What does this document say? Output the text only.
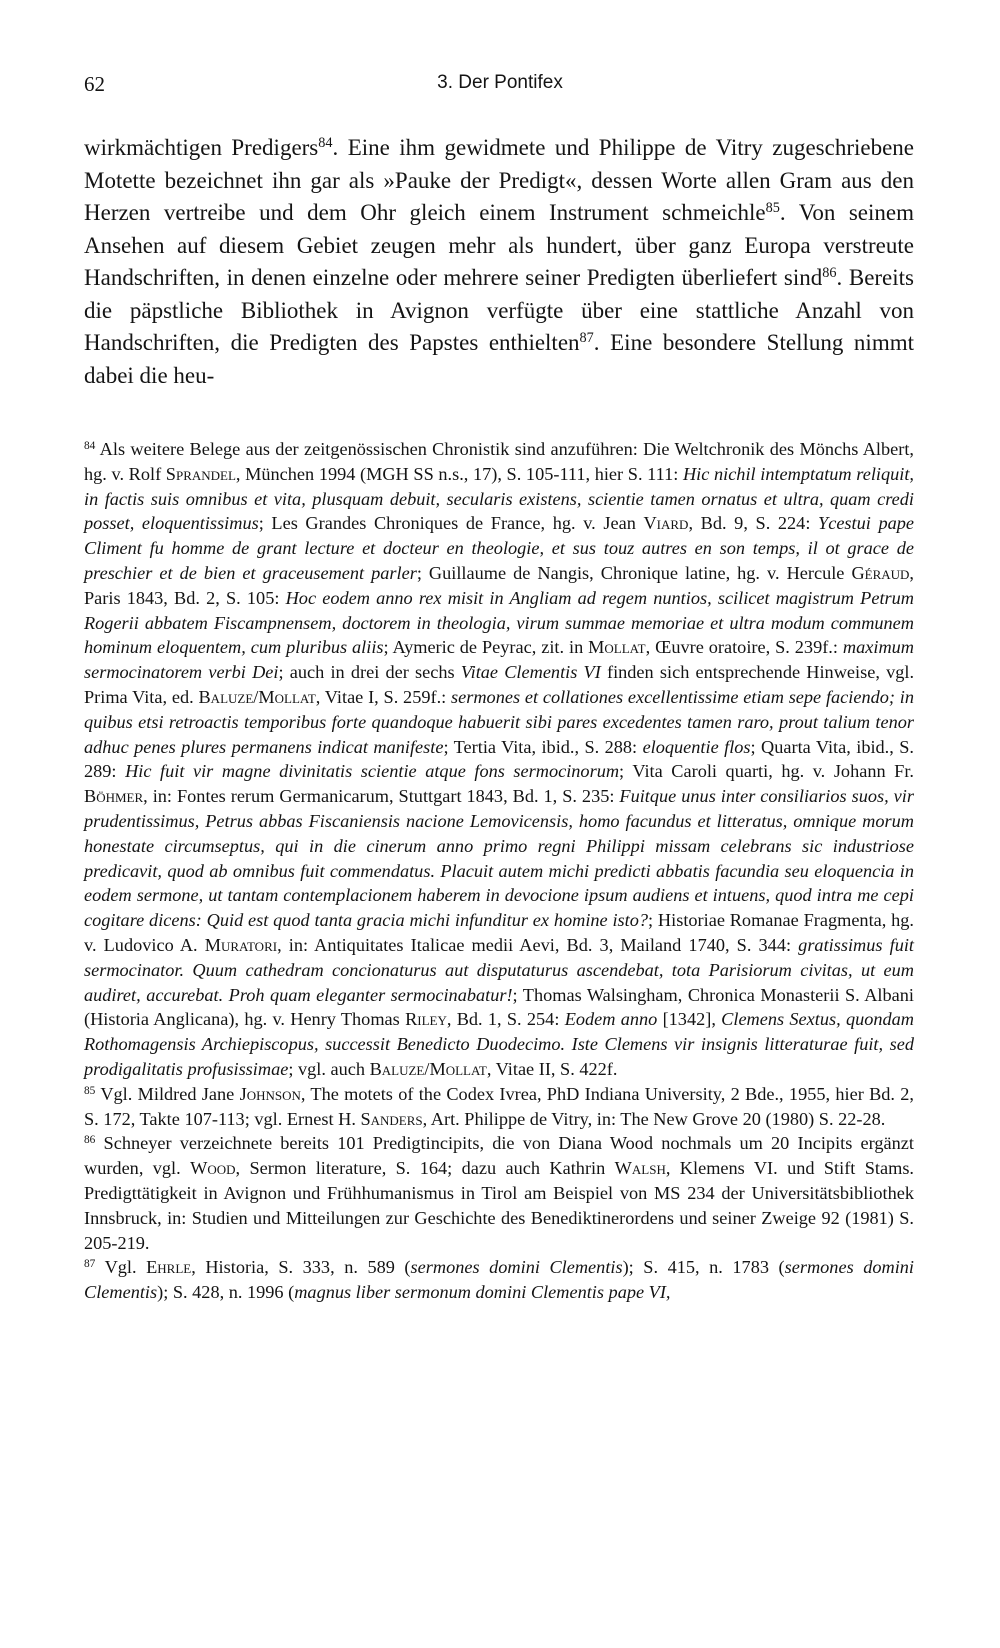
62	3. Der Pontifex

wirkmächtigen Predigers$^{84}$. Eine ihm gewidmete und Philippe de Vitry zugeschriebene Motette bezeichnet ihn gar als »Pauke der Predigt«, dessen Worte allen Gram aus den Herzen vertreibe und dem Ohr gleich einem Instrument schmeichle$^{85}$. Von seinem Ansehen auf diesem Gebiet zeugen mehr als hundert, über ganz Europa verstreute Handschriften, in denen einzelne oder mehrere seiner Predigten überliefert sind$^{86}$. Bereits die päpstliche Bibliothek in Avignon verfügte über eine stattliche Anzahl von Handschriften, die Predigten des Papstes enthielten$^{87}$. Eine besondere Stellung nimmt dabei die heu-

$^{84}$ Als weitere Belege aus der zeitgenössischen Chronistik sind anzuführen: Die Weltchronik des Mönchs Albert, hg. v. Rolf Sprandel, München 1994 (MGH SS n.s., 17), S. 105-111, hier S. 111: Hic nichil intemptatum reliquit, in factis suis omnibus et vita, plusquam debuit, secularis existens, scientie tamen ornatus et ultra, quam credi posset, eloquentissimus; Les Grandes Chroniques de France, hg. v. Jean Viard, Bd. 9, S. 224: Ycestui pape Climent fu homme de grant lecture et docteur en theologie, et sus touz autres en son temps, il ot grace de preschier et de bien et graceusement parler; Guillaume de Nangis, Chronique latine, hg. v. Hercule Géraud, Paris 1843, Bd. 2, S. 105: Hoc eodem anno rex misit in Angliam ad regem nuntios, scilicet magistrum Petrum Rogerii abbatem Fiscampnensem, doctorem in theologia, virum summae memoriae et ultra modum communem hominum eloquentem, cum pluribus aliis; Aymeric de Peyrac, zit. in Mollat, Œuvre oratoire, S. 239f.: maximum sermocinatorem verbi Dei; auch in drei der sechs Vitae Clementis VI finden sich entsprechende Hinweise, vgl. Prima Vita, ed. Baluze/Mollat, Vitae I, S. 259f.: sermones et collationes excellentissime etiam sepe faciendo; in quibus etsi retroactis temporibus forte quandoque habuerit sibi pares excedentes tamen raro, prout talium tenor adhuc penes plures permanens indicat manifeste; Tertia Vita, ibid., S. 288: eloquentie flos; Quarta Vita, ibid., S. 289: Hic fuit vir magne divinitatis scientie atque fons sermocinorum; Vita Caroli quarti, hg. v. Johann Fr. Böhmer, in: Fontes rerum Germanicarum, Stuttgart 1843, Bd. 1, S. 235: Fuitque unus inter consiliarios suos, vir prudentissimus, Petrus abbas Fiscaniensis nacione Lemovicensis, homo facundus et litteratus, omnique morum honestate circumseptus, qui in die cinerum anno primo regni Philippi missam celebrans sic industriose predicavit, quod ab omnibus fuit commendatus. Placuit autem michi predicti abbatis facundia seu eloquencia in eodem sermone, ut tantam contemplacionem haberem in devocione ipsum audiens et intuens, quod intra me cepi cogitare dicens: Quid est quod tanta gracia michi infunditur ex homine isto?; Historiae Romanae Fragmenta, hg. v. Ludovico A. Muratori, in: Antiquitates Italicae medii Aevi, Bd. 3, Mailand 1740, S. 344: gratissimus fuit sermocinator. Quum cathedram concionaturus aut disputaturus ascendebat, tota Parisiorum civitas, ut eum audiret, accurebat. Proh quam eleganter sermocinabatur!; Thomas Walsingham, Chronica Monasterii S. Albani (Historia Anglicana), hg. v. Henry Thomas Riley, Bd. 1, S. 254: Eodem anno [1342], Clemens Sextus, quondam Rothomagensis Archiepiscopus, successit Benedicto Duodecimo. Iste Clemens vir insignis litteraturae fuit, sed prodigalitatis profusissimae; vgl. auch Baluze/Mollat, Vitae II, S. 422f.

$^{85}$ Vgl. Mildred Jane Johnson, The motets of the Codex Ivrea, PhD Indiana University, 2 Bde., 1955, hier Bd. 2, S. 172, Takte 107-113; vgl. Ernest H. Sanders, Art. Philippe de Vitry, in: The New Grove 20 (1980) S. 22-28.

$^{86}$ Schneyer verzeichnete bereits 101 Predigtincipits, die von Diana Wood nochmals um 20 Incipits ergänzt wurden, vgl. Wood, Sermon literature, S. 164; dazu auch Kathrin Walsh, Klemens VI. und Stift Stams. Predigttätigkeit in Avignon und Frühhumanismus in Tirol am Beispiel von MS 234 der Universitätsbibliothek Innsbruck, in: Studien und Mitteilungen zur Geschichte des Benediktinerordens und seiner Zweige 92 (1981) S. 205-219.

$^{87}$ Vgl. Ehrle, Historia, S. 333, n. 589 (sermones domini Clementis); S. 415, n. 1783 (sermones domini Clementis); S. 428, n. 1996 (magnus liber sermonum domini Clementis pape VI,
